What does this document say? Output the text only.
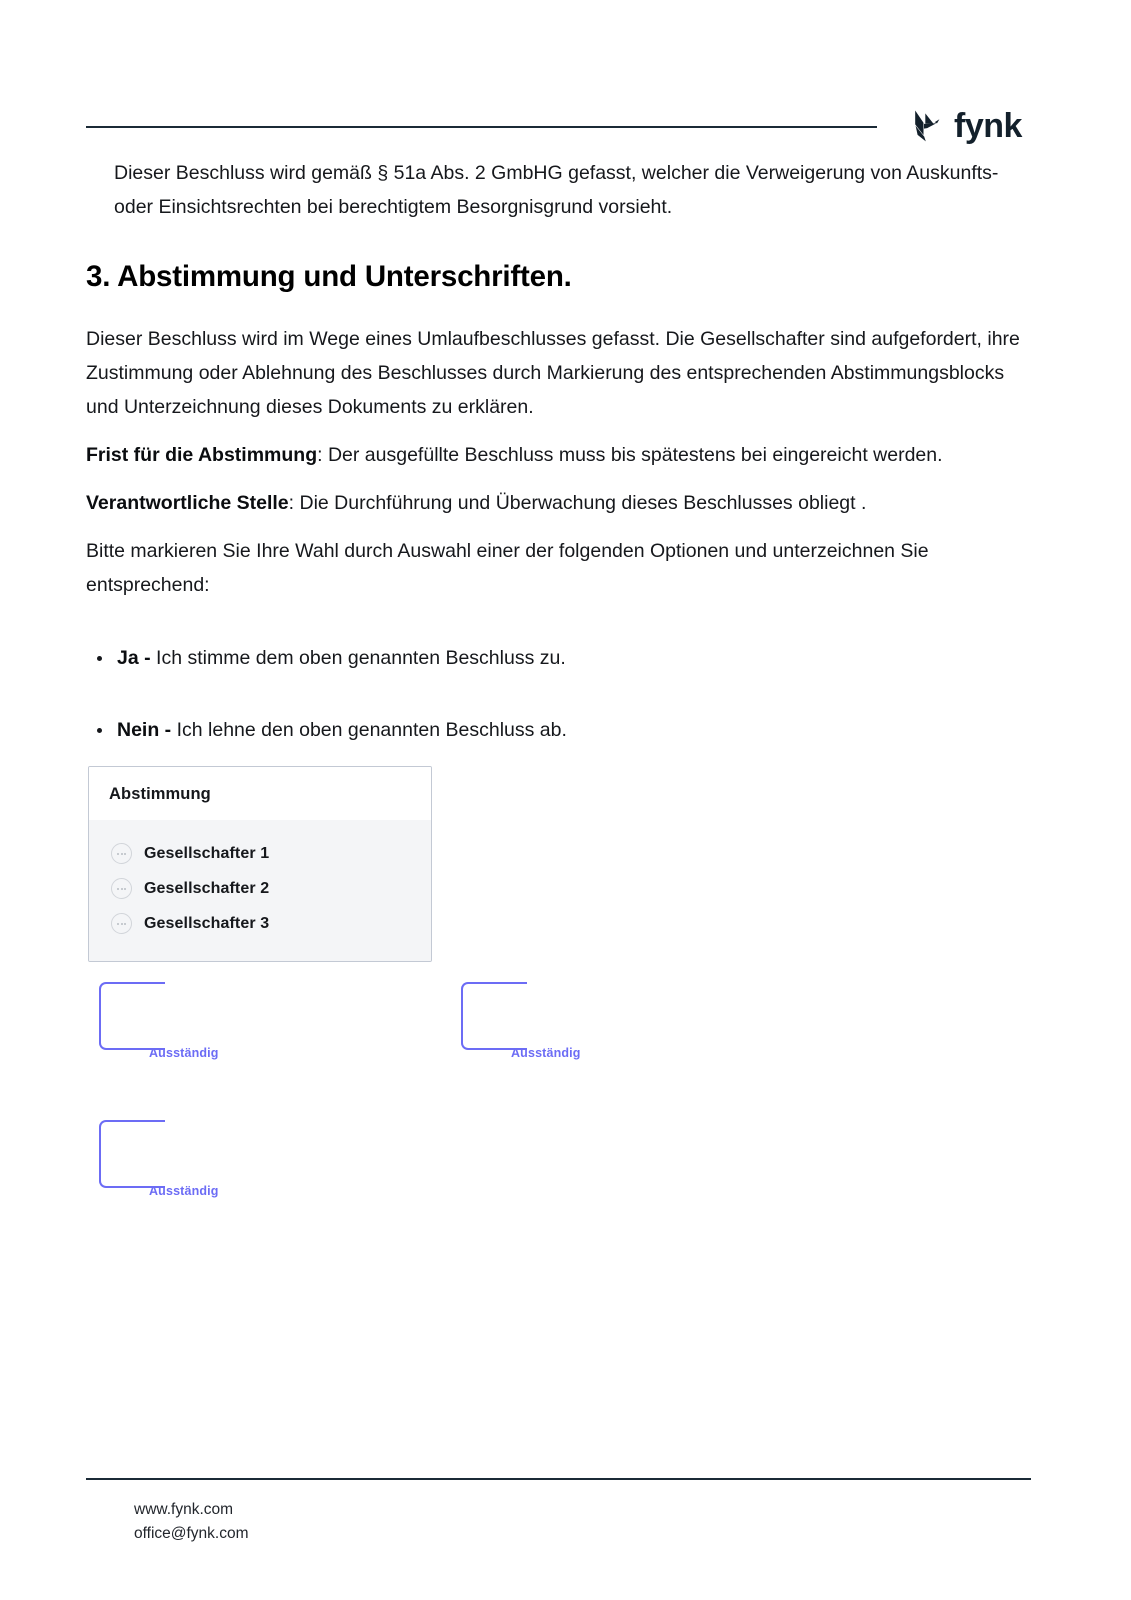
fynk

Dieser Beschluss wird gemäß § 51a Abs. 2 GmbHG gefasst, welcher die Verweigerung von Auskunfts- oder Einsichtsrechten bei berechtigtem Besorgnisgrund vorsieht.

3. Abstimmung und Unterschriften.

Dieser Beschluss wird im Wege eines Umlaufbeschlusses gefasst. Die Gesellschafter sind aufgefordert, ihre Zustimmung oder Ablehnung des Beschlusses durch Markierung des entsprechenden Abstimmungsblocks und Unterzeichnung dieses Dokuments zu erklären.

Frist für die Abstimmung: Der ausgefüllte Beschluss muss bis spätestens bei eingereicht werden.

Verantwortliche Stelle: Die Durchführung und Überwachung dieses Beschlusses obliegt .

Bitte markieren Sie Ihre Wahl durch Auswahl einer der folgenden Optionen und unterzeichnen Sie entsprechend:

Ja - Ich stimme dem oben genannten Beschluss zu.
Nein - Ich lehne den oben genannten Beschluss ab.
Abstimmung
Gesellschafter 1
Gesellschafter 2
Gesellschafter 3
Ausständig	Ausständig
Ausständig
www.fynk.com
office@fynk.com
